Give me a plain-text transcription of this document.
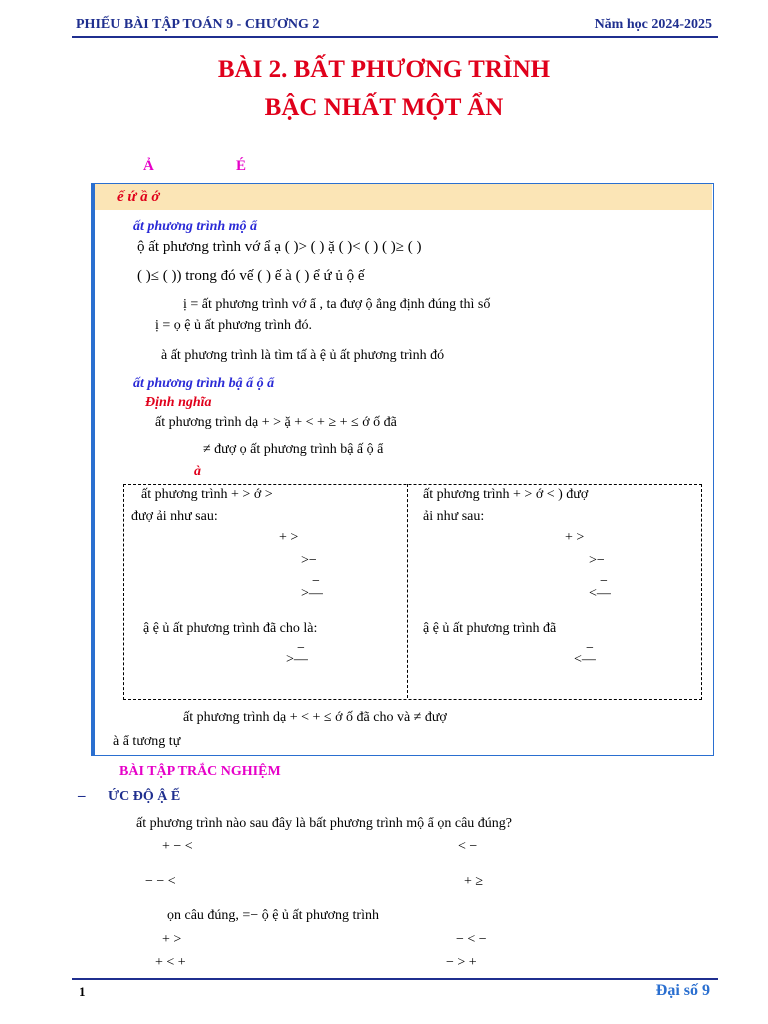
PHIẾU BÀI TẬP TOÁN 9 - CHƯƠNG 2	Năm học 2024-2025
BÀI 2. BẤT PHƯƠNG TRÌNH
BẬC NHẤT MỘT ẨN
Ả	É
ế ứ ầ ớ
ất phương trình mộ ẩ
ộ ất phương trình vớ ẩ ạ ( )> ( ) ặ ( )< ( ) ( )≥ ( )
( )≤ ( )) trong đó vế ( ) ế à ( ) ể ứ ủ ộ ế
ị = ất phương trình vớ ẩ , ta đượ ộ ẳng định đúng thì số
ị = ọ ệ ủ ất phương trình đó.
à ất phương trình là tìm tấ à ệ ủ ất phương trình đó
ất phương trình bậ ấ ộ ẩ
Định nghĩa
ất phương trình dạ + > ặ + < + ≥ + ≤ ớ ố đã
≠ đượ ọ ất phương trình bậ ấ ộ ẩ
à
ất phương trình + > ớ >
đượ ải như sau:
+ >
>−
−
>—
ậ ệ ủ ất phương trình đã cho là:
−
>—
ất phương trình + > ớ < ) đượ
ải như sau:
+ >
>−
−
<—
ậ ệ ủ ất phương trình đã
−
<—
ất phương trình dạ + < + ≤ ớ ố đã cho và ≠ đượ
à ẩ tương tự
BÀI TẬP TRẮC NGHIỆM
– ỨC ĐỘ Ậ Ế
ất phương trình nào sau đây là bất phương trình mộ ẩ ọn câu đúng?
+ − <	< −
− − <	+ ≥
ọn câu đúng, =− ộ ệ ủ ất phương trình
+ >	− < −
+ < +	− > +
1	Đại số 9
